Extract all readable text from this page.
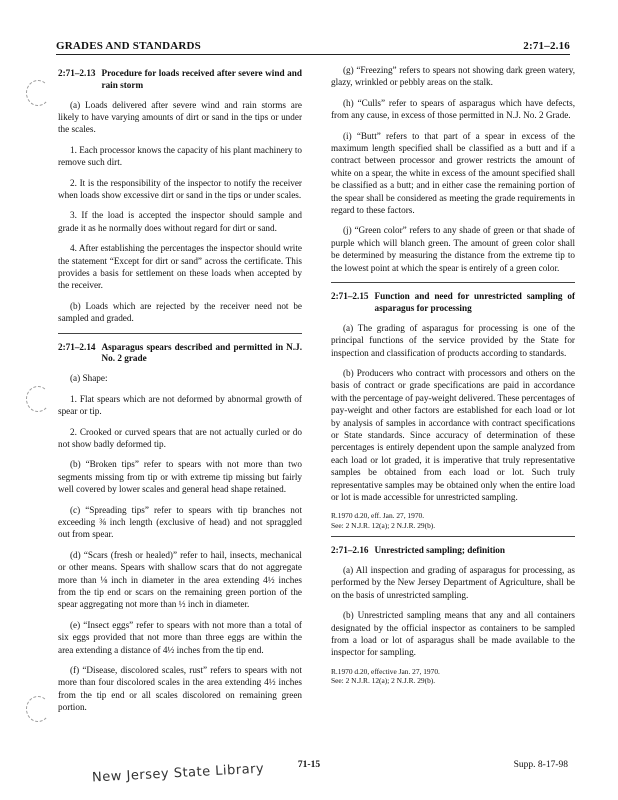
GRADES AND STANDARDS	2:71–2.16
2:71–2.13 Procedure for loads received after severe wind and rain storm

(a) Loads delivered after severe wind and rain storms are likely to have varying amounts of dirt or sand in the tips or under the scales.

1. Each processor knows the capacity of his plant machinery to remove such dirt.

2. It is the responsibility of the inspector to notify the receiver when loads show excessive dirt or sand in the tips or under scales.

3. If the load is accepted the inspector should sample and grade it as he normally does without regard for dirt or sand.

4. After establishing the percentages the inspector should write the statement “Except for dirt or sand” across the certificate. This provides a basis for settlement on these loads when accepted by the receiver.

(b) Loads which are rejected by the receiver need not be sampled and graded.

2:71–2.14 Asparagus spears described and permitted in N.J. No. 2 grade

(a) Shape:

1. Flat spears which are not deformed by abnormal growth of spear or tip.

2. Crooked or curved spears that are not actually curled or do not show badly deformed tip.

(b) “Broken tips” refer to spears with not more than two segments missing from tip or with extreme tip missing but fairly well covered by lower scales and general head shape retained.

(c) “Spreading tips” refer to spears with tip branches not exceeding ⅜ inch length (exclusive of head) and not spraggled out from spear.

(d) “Scars (fresh or healed)” refer to hail, insects, mechanical or other means. Spears with shallow scars that do not aggregate more than ⅛ inch in diameter in the area extending 4½ inches from the tip end or scars on the remaining green portion of the spear aggregating not more than ½ inch in diameter.

(e) “Insect eggs” refer to spears with not more than a total of six eggs provided that not more than three eggs are within the area extending a distance of 4½ inches from the tip end.

(f) “Disease, discolored scales, rust” refers to spears with not more than four discolored scales in the area extending 4½ inches from the tip end or all scales discolored on remaining green portion.

(g) “Freezing” refers to spears not showing dark green watery, glazy, wrinkled or pebbly areas on the stalk.

(h) “Culls” refer to spears of asparagus which have defects, from any cause, in excess of those permitted in N.J. No. 2 Grade.

(i) “Butt” refers to that part of a spear in excess of the maximum length specified shall be classified as a butt and if a contract between processor and grower restricts the amount of white on a spear, the white in excess of the amount specified shall be classified as a butt; and in either case the remaining portion of the spear shall be considered as meeting the grade requirements in regard to these factors.

(j) “Green color” refers to any shade of green or that shade of purple which will blanch green. The amount of green color shall be determined by measuring the distance from the extreme tip to the lowest point at which the spear is entirely of a green color.

2:71–2.15 Function and need for unrestricted sampling of asparagus for processing

(a) The grading of asparagus for processing is one of the principal functions of the service provided by the State for inspection and classification of products according to standards.

(b) Producers who contract with processors and others on the basis of contract or grade specifications are paid in accordance with the percentage of pay-weight delivered. These percentages of pay-weight and other factors are established for each load or lot by analysis of samples in accordance with contract specifications or State standards. Since accuracy of determination of these percentages is entirely dependent upon the sample analyzed from each load or lot graded, it is imperative that truly representative samples be obtained from each load or lot. Such truly representative samples may be obtained only when the entire load or lot is made accessible for unrestricted sampling.

R.1970 d.20, eff. Jan. 27, 1970.
See: 2 N.J.R. 12(a); 2 N.J.R. 29(b).
2:71–2.16 Unrestricted sampling; definition

(a) All inspection and grading of asparagus for processing, as performed by the New Jersey Department of Agriculture, shall be on the basis of unrestricted sampling.

(b) Unrestricted sampling means that any and all containers designated by the official inspector as containers to be sampled from a load or lot of asparagus shall be made available to the inspector for sampling.

R.1970 d.20, effective Jan. 27, 1970.
See: 2 N.J.R. 12(a); 2 N.J.R. 29(b).
71-15	Supp. 8-17-98
New Jersey State Library
